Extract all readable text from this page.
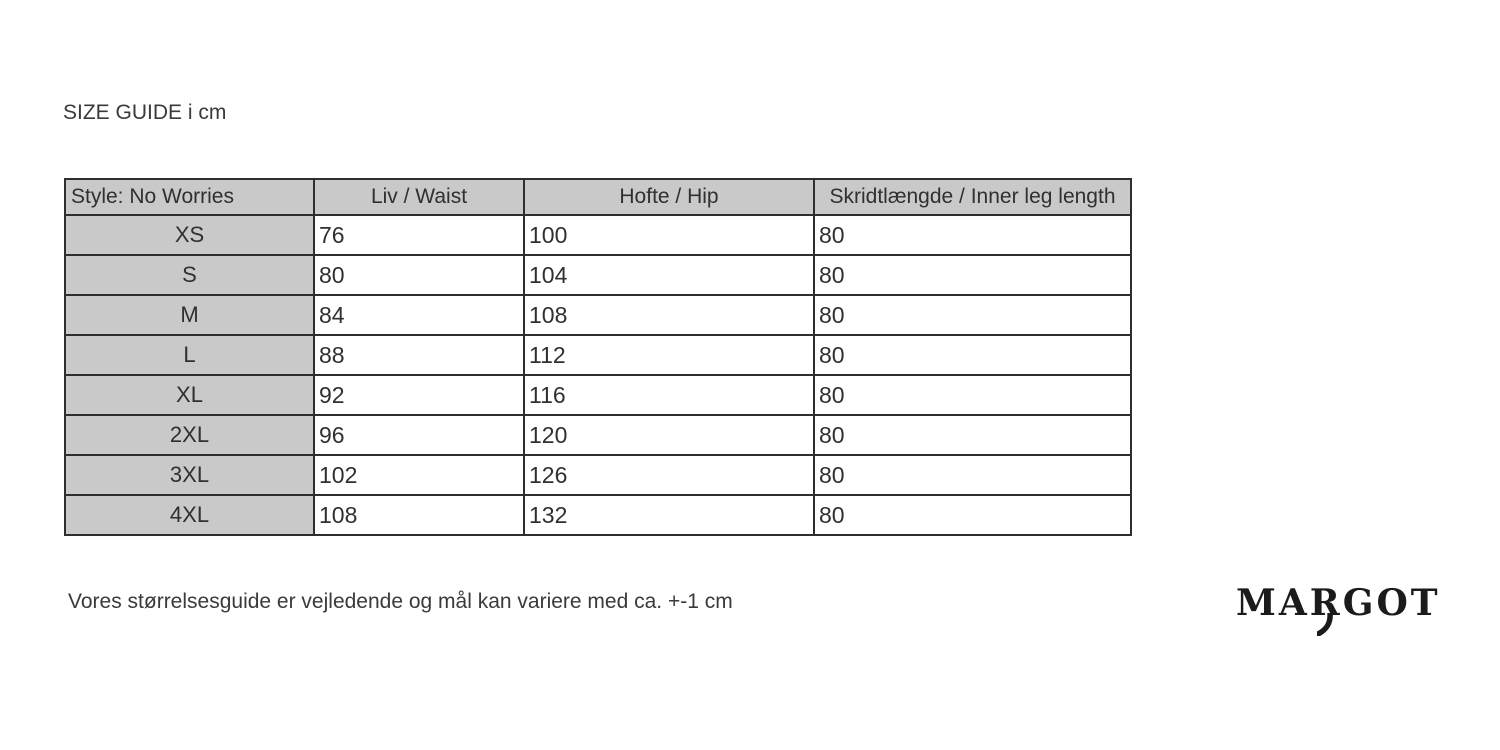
SIZE GUIDE i cm
Style: No Worries	Liv / Waist	Hofte / Hip	Skridtlængde / Inner leg length
XS	76	100	80
S	80	104	80
M	84	108	80
L	88	112	80
XL	92	116	80
2XL	96	120	80
3XL	102	126	80
4XL	108	132	80
Vores størrelsesguide er vejledende og mål kan variere med ca. +-1 cm	MARGOT
